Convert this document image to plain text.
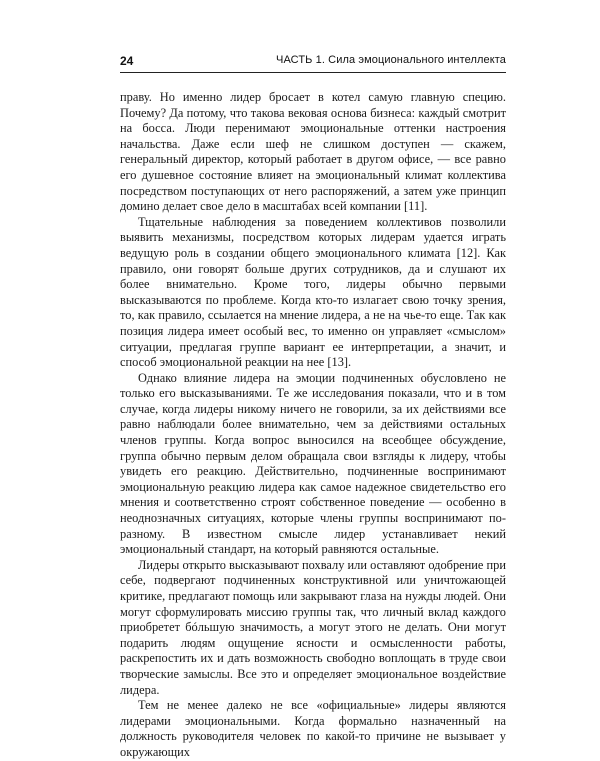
24	ЧАСТЬ 1. Сила эмоционального интеллекта

праву. Но именно лидер бросает в котел самую главную специю. Почему? Да потому, что такова вековая основа бизнеса: каждый смотрит на босса. Люди перенимают эмоциональные оттенки настроения начальства. Даже если шеф не слишком доступен — скажем, генеральный директор, который работает в другом офисе, — все равно его душевное состояние влияет на эмоциональный климат коллектива посредством поступающих от него распоряжений, а затем уже принцип домино делает свое дело в масштабах всей компании [11].

Тщательные наблюдения за поведением коллективов позволили выявить механизмы, посредством которых лидерам удается играть ведущую роль в создании общего эмоционального климата [12]. Как правило, они говорят больше других сотрудников, да и слушают их более внимательно. Кроме того, лидеры обычно первыми высказываются по проблеме. Когда кто-то излагает свою точку зрения, то, как правило, ссылается на мнение лидера, а не на чье-то еще. Так как позиция лидера имеет особый вес, то именно он управляет «смыслом» ситуации, предлагая группе вариант ее интерпретации, а значит, и способ эмоциональной реакции на нее [13].

Однако влияние лидера на эмоции подчиненных обусловлено не только его высказываниями. Те же исследования показали, что и в том случае, когда лидеры никому ничего не говорили, за их действиями все равно наблюдали более внимательно, чем за действиями остальных членов группы. Когда вопрос выносился на всеобщее обсуждение, группа обычно первым делом обращала свои взгляды к лидеру, чтобы увидеть его реакцию. Действительно, подчиненные воспринимают эмоциональную реакцию лидера как самое надежное свидетельство его мнения и соответственно строят собственное поведение — особенно в неоднозначных ситуациях, которые члены группы воспринимают по-разному. В известном смысле лидер устанавливает некий эмоциональный стандарт, на который равняются остальные.

Лидеры открыто высказывают похвалу или оставляют одобрение при себе, подвергают подчиненных конструктивной или уничтожающей критике, предлагают помощь или закрывают глаза на нужды людей. Они могут сформулировать миссию группы так, что личный вклад каждого приобретет бóльшую значимость, а могут этого не делать. Они могут подарить людям ощущение ясности и осмысленности работы, раскрепостить их и дать возможность свободно воплощать в труде свои творческие замыслы. Все это и определяет эмоциональное воздействие лидера.

Тем не менее далеко не все «официальные» лидеры являются лидерами эмоциональными. Когда формально назначенный на должность руководителя человек по какой-то причине не вызывает у окружающих
